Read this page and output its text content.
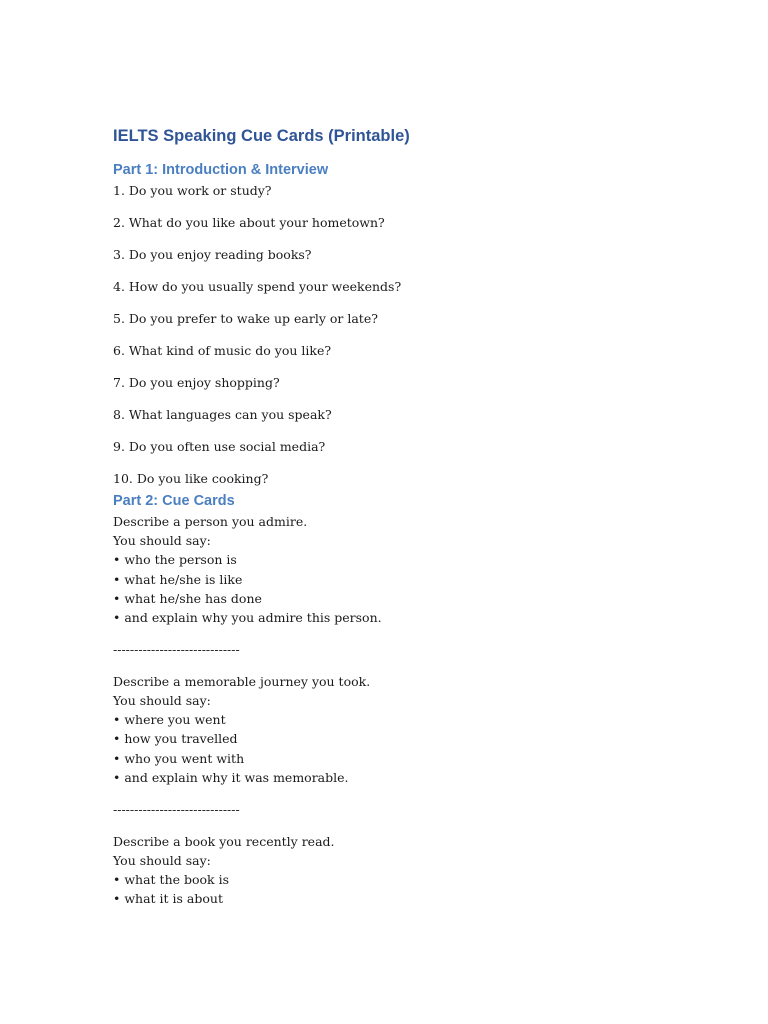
IELTS Speaking Cue Cards (Printable)
Part 1: Introduction & Interview
1. Do you work or study?
2. What do you like about your hometown?
3. Do you enjoy reading books?
4. How do you usually spend your weekends?
5. Do you prefer to wake up early or late?
6. What kind of music do you like?
7. Do you enjoy shopping?
8. What languages can you speak?
9. Do you often use social media?
10. Do you like cooking?
Part 2: Cue Cards
Describe a person you admire.
You should say:
• who the person is
• what he/she is like
• what he/she has done
• and explain why you admire this person.
------------------------------
Describe a memorable journey you took.
You should say:
• where you went
• how you travelled
• who you went with
• and explain why it was memorable.
------------------------------
Describe a book you recently read.
You should say:
• what the book is
• what it is about
